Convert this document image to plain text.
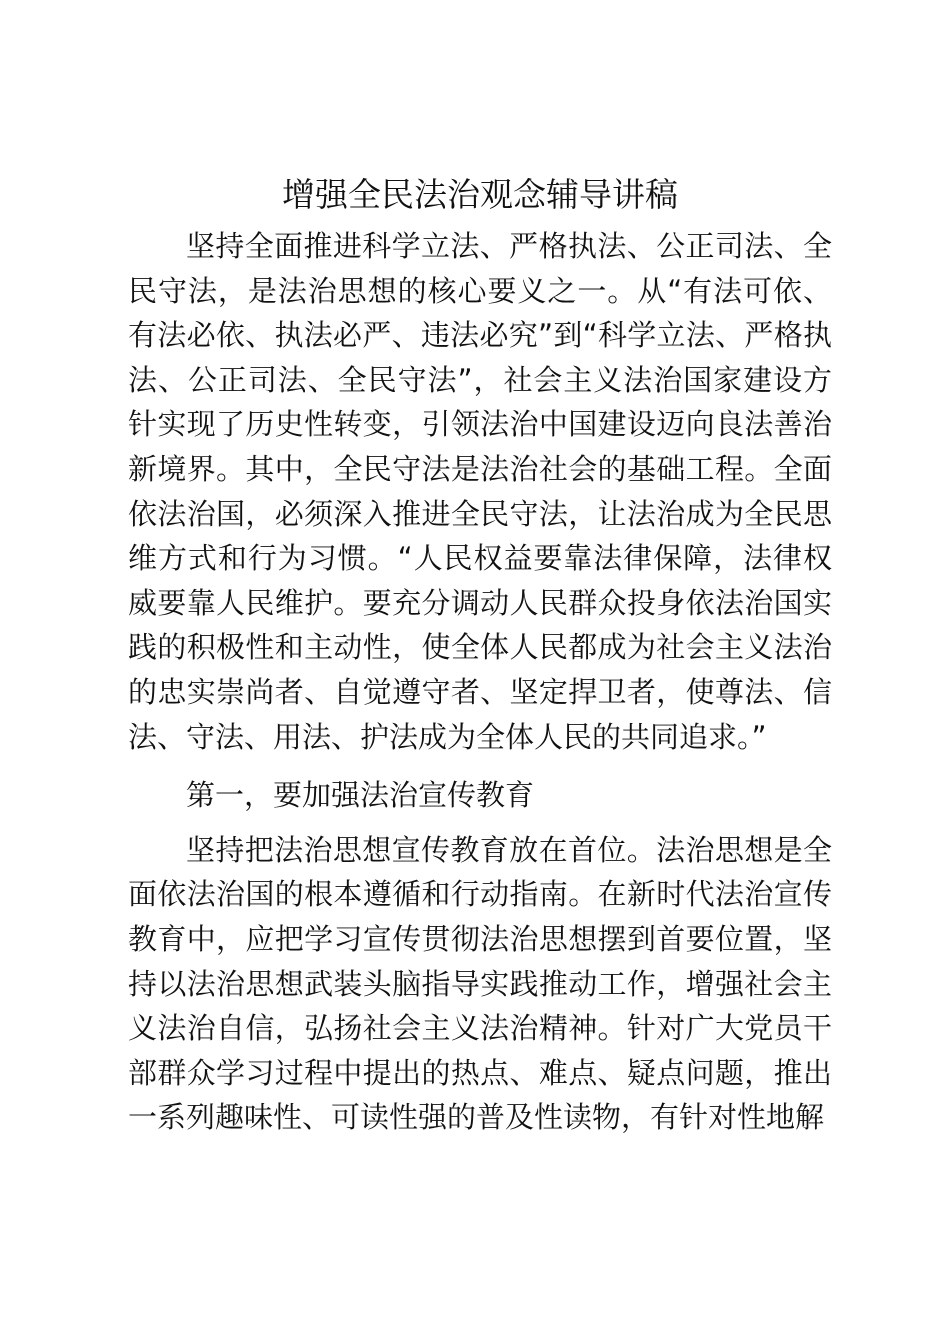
增强全民法治观念辅导讲稿

坚持全面推进科学立法、严格执法、公正司法、全民守法，是法治思想的核心要义之一。从“有法可依、有法必依、执法必严、违法必究”到“科学立法、严格执法、公正司法、全民守法”，社会主义法治国家建设方针实现了历史性转变，引领法治中国建设迈向良法善治新境界。其中，全民守法是法治社会的基础工程。全面依法治国，必须深入推进全民守法，让法治成为全民思维方式和行为习惯。“人民权益要靠法律保障，法律权威要靠人民维护。要充分调动人民群众投身依法治国实践的积极性和主动性，使全体人民都成为社会主义法治的忠实崇尚者、自觉遵守者、坚定捍卫者，使尊法、信法、守法、用法、护法成为全体人民的共同追求。”

第一，要加强法治宣传教育

坚持把法治思想宣传教育放在首位。法治思想是全面依法治国的根本遵循和行动指南。在新时代法治宣传教育中，应把学习宣传贯彻法治思想摆到首要位置，坚持以法治思想武装头脑指导实践推动工作，增强社会主义法治自信，弘扬社会主义法治精神。针对广大党员干部群众学习过程中提出的热点、难点、疑点问题，推出一系列趣味性、可读性强的普及性读物，有针对性地解
